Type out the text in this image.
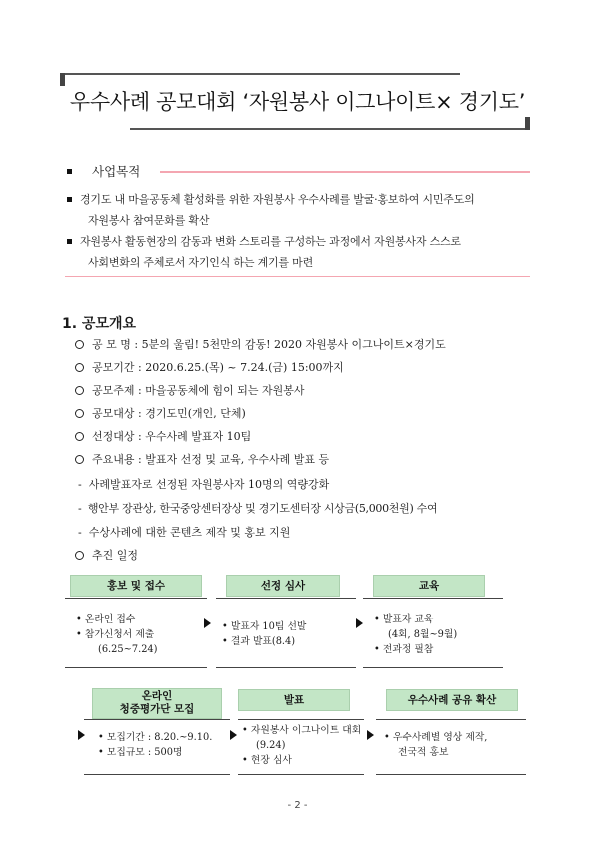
우수사례 공모대회 ‘자원봉사 이그나이트× 경기도’
사업목적
경기도 내 마을공동체 활성화를 위한 자원봉사 우수사례를 발굴·홍보하여 시민주도의
자원봉사 참여문화를 확산
자원봉사 활동현장의 감동과 변화 스토리를 구성하는 과정에서 자원봉사자 스스로
사회변화의 주체로서 자기인식 하는 계기를 마련
1. 공모개요
공 모 명 : 5분의 울림! 5천만의 감동! 2020 자원봉사 이그나이트×경기도
공모기간 : 2020.6.25.(목) ~ 7.24.(금) 15:00까지
공모주제 : 마을공동체에 힘이 되는 자원봉사
공모대상 : 경기도민(개인, 단체)
선정대상 : 우수사례 발표자 10팀
주요내용 : 발표자 선정 및 교육, 우수사례 발표 등
- 사례발표자로 선정된 자원봉사자 10명의 역량강화
- 행안부 장관상, 한국중앙센터장상 및 경기도센터장 시상금(5,000천원) 수여
- 수상사례에 대한 콘텐츠 제작 및 홍보 지원
추진 일정
홍보 및 접수
• 온라인 접수
• 참가신청서 제출
(6.25~7.24)
선정 심사
• 발표자 10팀 선발
• 결과 발표(8.4)
교육
• 발표자 교육
(4회, 8월~9월)
• 전과정 필참
온라인
청중평가단 모집
• 모집기간 : 8.20.~9.10.
• 모집규모 : 500명
발표
• 자원봉사 이그나이트 대회
(9.24)
• 현장 심사
우수사례 공유 확산
• 우수사례별 영상 제작,
전국적 홍보
- 2 -
